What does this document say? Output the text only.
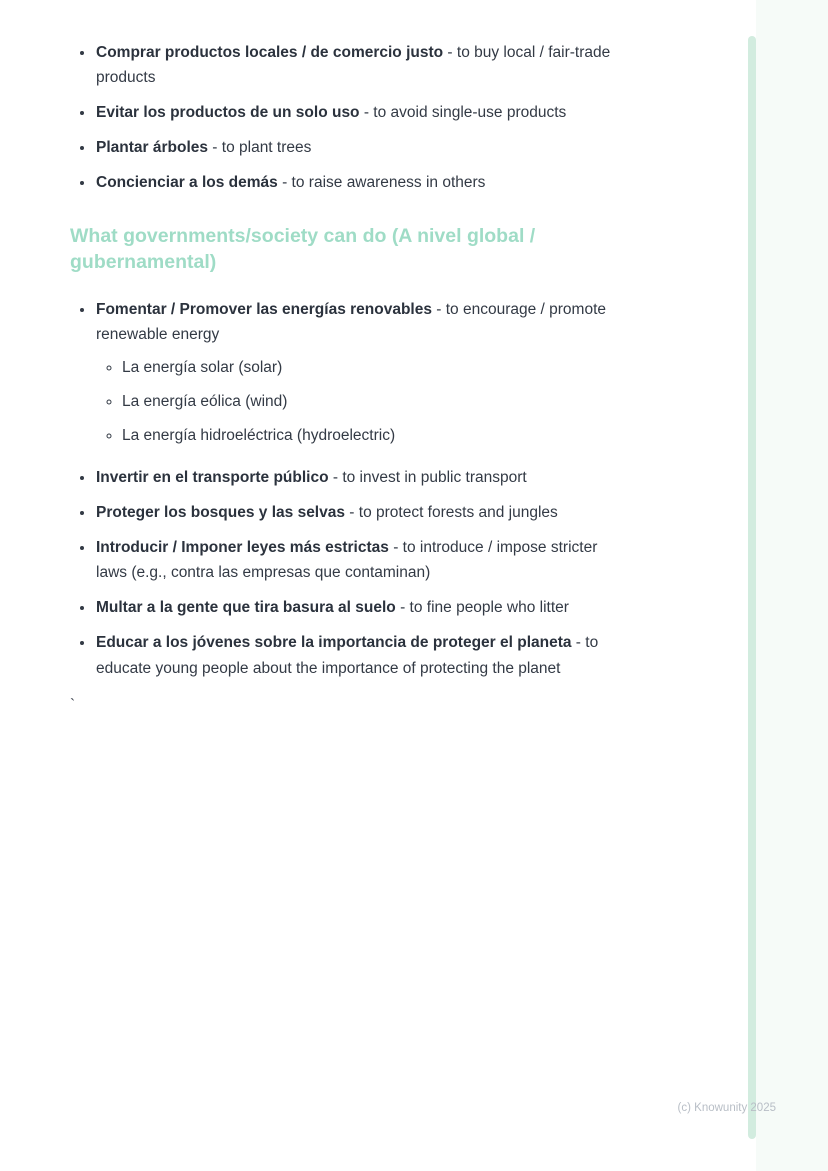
• Comprar productos locales / de comercio justo - to buy local / fair-trade products
• Evitar los productos de un solo uso - to avoid single-use products
• Plantar árboles - to plant trees
• Concienciar a los demás - to raise awareness in others
What governments/society can do (A nivel global / gubernamental)
• Fomentar / Promover las energías renovables - to encourage / promote renewable energy
◦ La energía solar (solar)
◦ La energía eólica (wind)
◦ La energía hidroeléctrica (hydroelectric)
• Invertir en el transporte público - to invest in public transport
• Proteger los bosques y las selvas - to protect forests and jungles
• Introducir / Imponer leyes más estrictas - to introduce / impose stricter laws (e.g., contra las empresas que contaminan)
• Multar a la gente que tira basura al suelo - to fine people who litter
• Educar a los jóvenes sobre la importancia de proteger el planeta - to educate young people about the importance of protecting the planet
`
(c) Knowunity 2025
